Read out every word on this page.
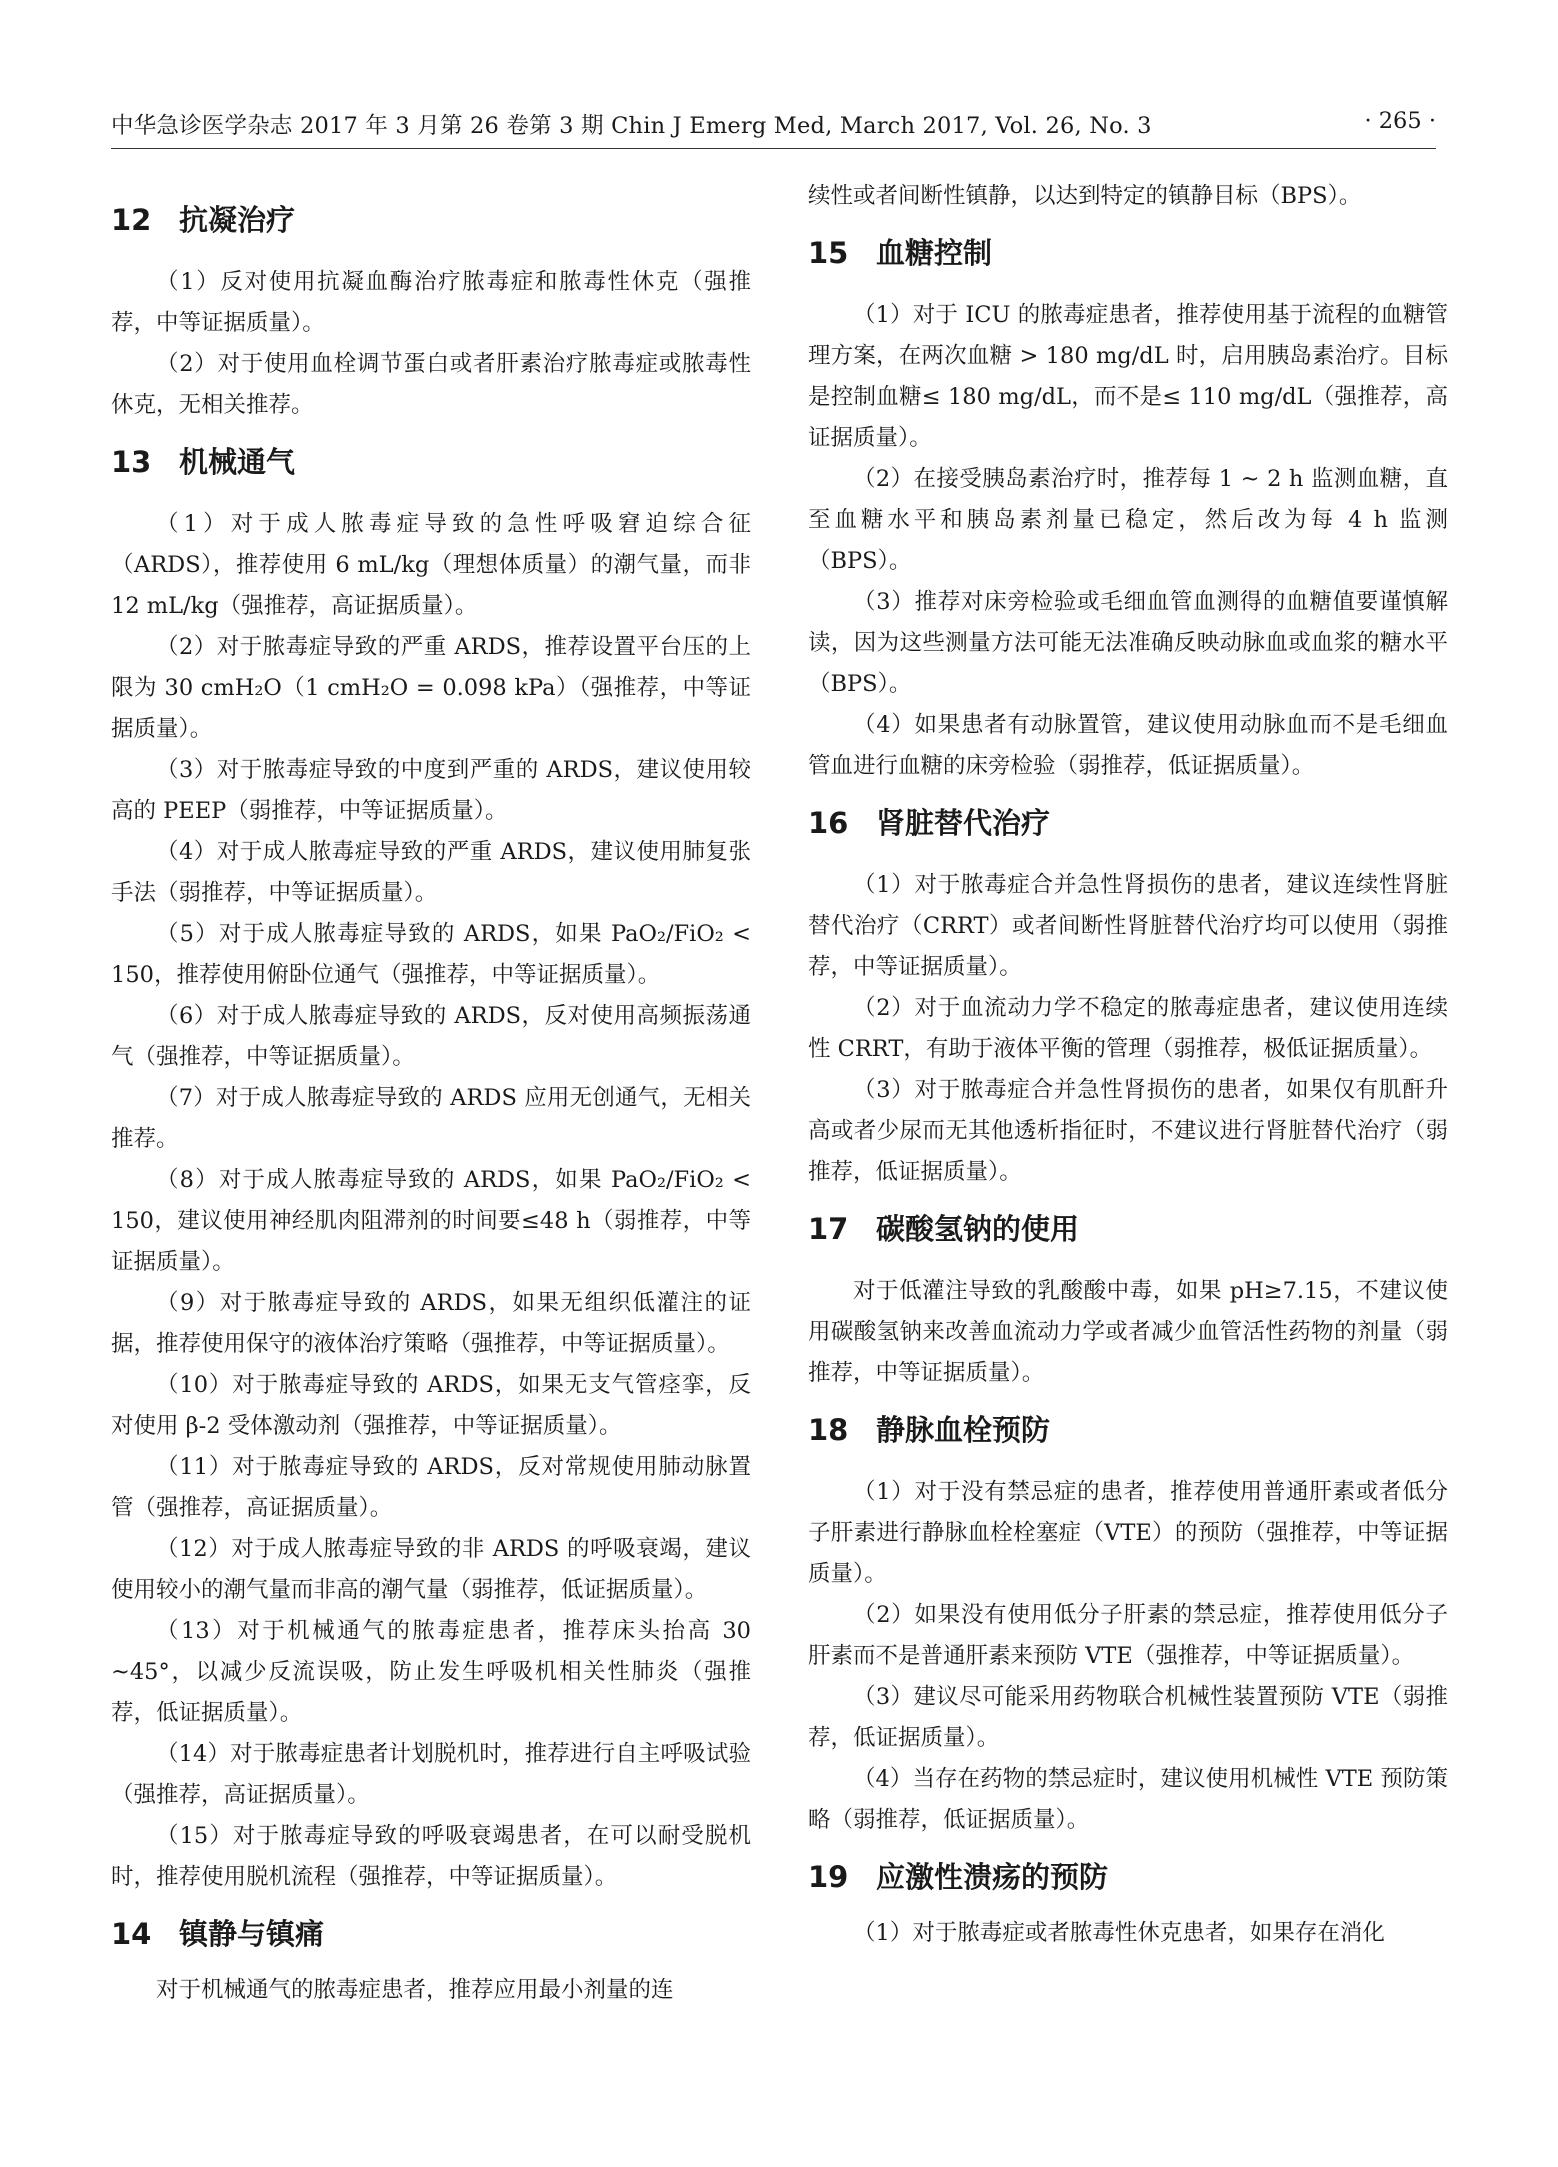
中华急诊医学杂志 2017 年 3 月第 26 卷第 3 期 Chin J Emerg Med, March 2017, Vol. 26, No. 3	· 265 ·
12 抗凝治疗

（1）反对使用抗凝血酶治疗脓毒症和脓毒性休克（强推荐，中等证据质量）。

（2）对于使用血栓调节蛋白或者肝素治疗脓毒症或脓毒性休克，无相关推荐。

13 机械通气

（1）对于成人脓毒症导致的急性呼吸窘迫综合征（ARDS），推荐使用 6 mL/kg（理想体质量）的潮气量，而非 12 mL/kg（强推荐，高证据质量）。

（2）对于脓毒症导致的严重 ARDS，推荐设置平台压的上限为 30 cmH₂O（1 cmH₂O = 0.098 kPa）（强推荐，中等证据质量）。

（3）对于脓毒症导致的中度到严重的 ARDS，建议使用较高的 PEEP（弱推荐，中等证据质量）。

（4）对于成人脓毒症导致的严重 ARDS，建议使用肺复张手法（弱推荐，中等证据质量）。

（5）对于成人脓毒症导致的 ARDS，如果 PaO₂/FiO₂ < 150，推荐使用俯卧位通气（强推荐，中等证据质量）。

（6）对于成人脓毒症导致的 ARDS，反对使用高频振荡通气（强推荐，中等证据质量）。

（7）对于成人脓毒症导致的 ARDS 应用无创通气，无相关推荐。

（8）对于成人脓毒症导致的 ARDS，如果 PaO₂/FiO₂ < 150，建议使用神经肌肉阻滞剂的时间要≤48 h（弱推荐，中等证据质量）。

（9）对于脓毒症导致的 ARDS，如果无组织低灌注的证据，推荐使用保守的液体治疗策略（强推荐，中等证据质量）。

（10）对于脓毒症导致的 ARDS，如果无支气管痉挛，反对使用 β-2 受体激动剂（强推荐，中等证据质量）。

（11）对于脓毒症导致的 ARDS，反对常规使用肺动脉置管（强推荐，高证据质量）。

（12）对于成人脓毒症导致的非 ARDS 的呼吸衰竭，建议使用较小的潮气量而非高的潮气量（弱推荐，低证据质量）。

（13）对于机械通气的脓毒症患者，推荐床头抬高 30 ~45°，以减少反流误吸，防止发生呼吸机相关性肺炎（强推荐，低证据质量）。

（14）对于脓毒症患者计划脱机时，推荐进行自主呼吸试验（强推荐，高证据质量）。

（15）对于脓毒症导致的呼吸衰竭患者，在可以耐受脱机时，推荐使用脱机流程（强推荐，中等证据质量）。

14 镇静与镇痛

对于机械通气的脓毒症患者，推荐应用最小剂量的连

续性或者间断性镇静，以达到特定的镇静目标（BPS）。

15 血糖控制

（1）对于 ICU 的脓毒症患者，推荐使用基于流程的血糖管理方案，在两次血糖 > 180 mg/dL 时，启用胰岛素治疗。目标是控制血糖≤ 180 mg/dL，而不是≤ 110 mg/dL（强推荐，高证据质量）。

（2）在接受胰岛素治疗时，推荐每 1 ~ 2 h 监测血糖，直至血糖水平和胰岛素剂量已稳定，然后改为每 4 h 监测（BPS）。

（3）推荐对床旁检验或毛细血管血测得的血糖值要谨慎解读，因为这些测量方法可能无法准确反映动脉血或血浆的糖水平（BPS）。

（4）如果患者有动脉置管，建议使用动脉血而不是毛细血管血进行血糖的床旁检验（弱推荐，低证据质量）。

16 肾脏替代治疗

（1）对于脓毒症合并急性肾损伤的患者，建议连续性肾脏替代治疗（CRRT）或者间断性肾脏替代治疗均可以使用（弱推荐，中等证据质量）。

（2）对于血流动力学不稳定的脓毒症患者，建议使用连续性 CRRT，有助于液体平衡的管理（弱推荐，极低证据质量）。

（3）对于脓毒症合并急性肾损伤的患者，如果仅有肌酐升高或者少尿而无其他透析指征时，不建议进行肾脏替代治疗（弱推荐，低证据质量）。

17 碳酸氢钠的使用

对于低灌注导致的乳酸酸中毒，如果 pH≥7.15，不建议使用碳酸氢钠来改善血流动力学或者减少血管活性药物的剂量（弱推荐，中等证据质量）。

18 静脉血栓预防

（1）对于没有禁忌症的患者，推荐使用普通肝素或者低分子肝素进行静脉血栓栓塞症（VTE）的预防（强推荐，中等证据质量）。

（2）如果没有使用低分子肝素的禁忌症，推荐使用低分子肝素而不是普通肝素来预防 VTE（强推荐，中等证据质量）。

（3）建议尽可能采用药物联合机械性装置预防 VTE（弱推荐，低证据质量）。

（4）当存在药物的禁忌症时，建议使用机械性 VTE 预防策略（弱推荐，低证据质量）。

19 应激性溃疡的预防

（1）对于脓毒症或者脓毒性休克患者，如果存在消化
